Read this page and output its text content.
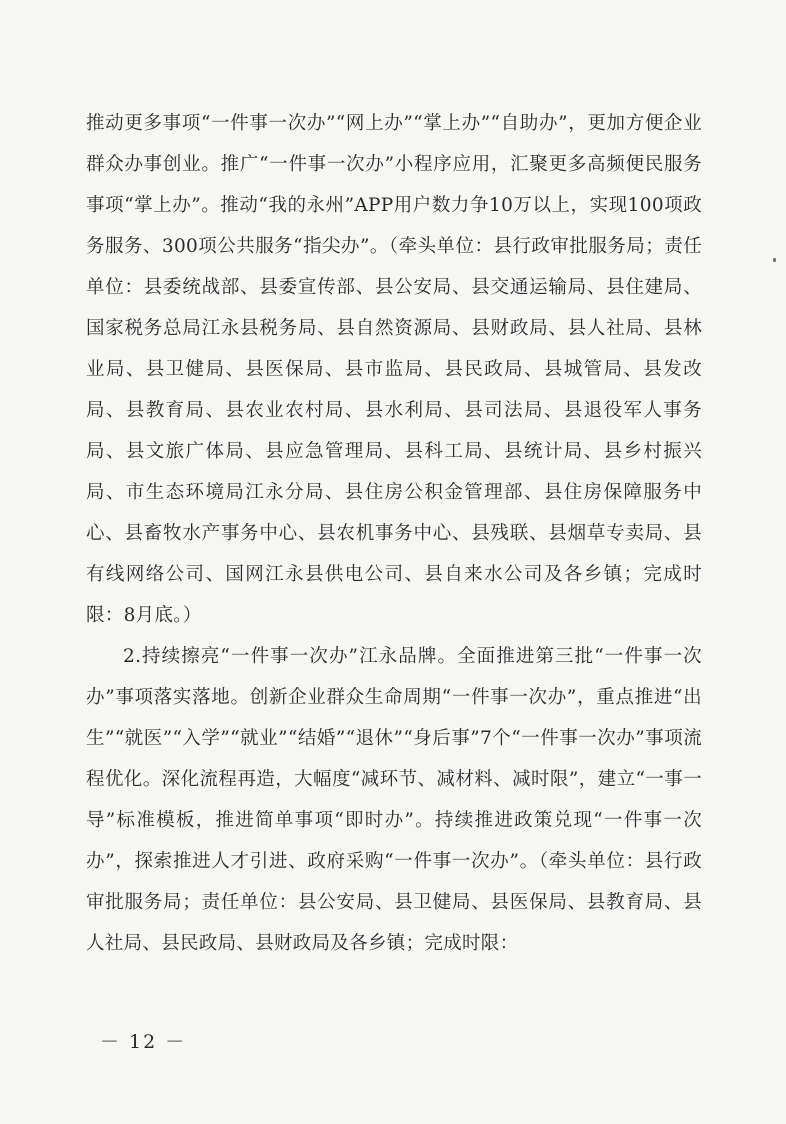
推动更多事项“一件事一次办”“网上办”“掌上办”“自助办”，更加方便企业群众办事创业。推广“一件事一次办”小程序应用，汇聚更多高频便民服务事项“掌上办”。推动“我的永州”APP用户数力争10万以上，实现100项政务服务、300项公共服务“指尖办”。（牵头单位：县行政审批服务局；责任单位：县委统战部、县委宣传部、县公安局、县交通运输局、县住建局、国家税务总局江永县税务局、县自然资源局、县财政局、县人社局、县林业局、县卫健局、县医保局、县市监局、县民政局、县城管局、县发改局、县教育局、县农业农村局、县水利局、县司法局、县退役军人事务局、县文旅广体局、县应急管理局、县科工局、县统计局、县乡村振兴局、市生态环境局江永分局、县住房公积金管理部、县住房保障服务中心、县畜牧水产事务中心、县农机事务中心、县残联、县烟草专卖局、县有线网络公司、国网江永县供电公司、县自来水公司及各乡镇；完成时限：8月底。）

2.持续擦亮“一件事一次办”江永品牌。全面推进第三批“一件事一次办”事项落实落地。创新企业群众生命周期“一件事一次办”，重点推进“出生”“就医”“入学”“就业”“结婚”“退休”“身后事”7个“一件事一次办”事项流程优化。深化流程再造，大幅度“减环节、减材料、减时限”，建立“一事一导”标准模板，推进简单事项“即时办”。持续推进政策兑现“一件事一次办”，探索推进人才引进、政府采购“一件事一次办”。（牵头单位：县行政审批服务局；责任单位：县公安局、县卫健局、县医保局、县教育局、县人社局、县民政局、县财政局及各乡镇；完成时限：

－ 12 －
